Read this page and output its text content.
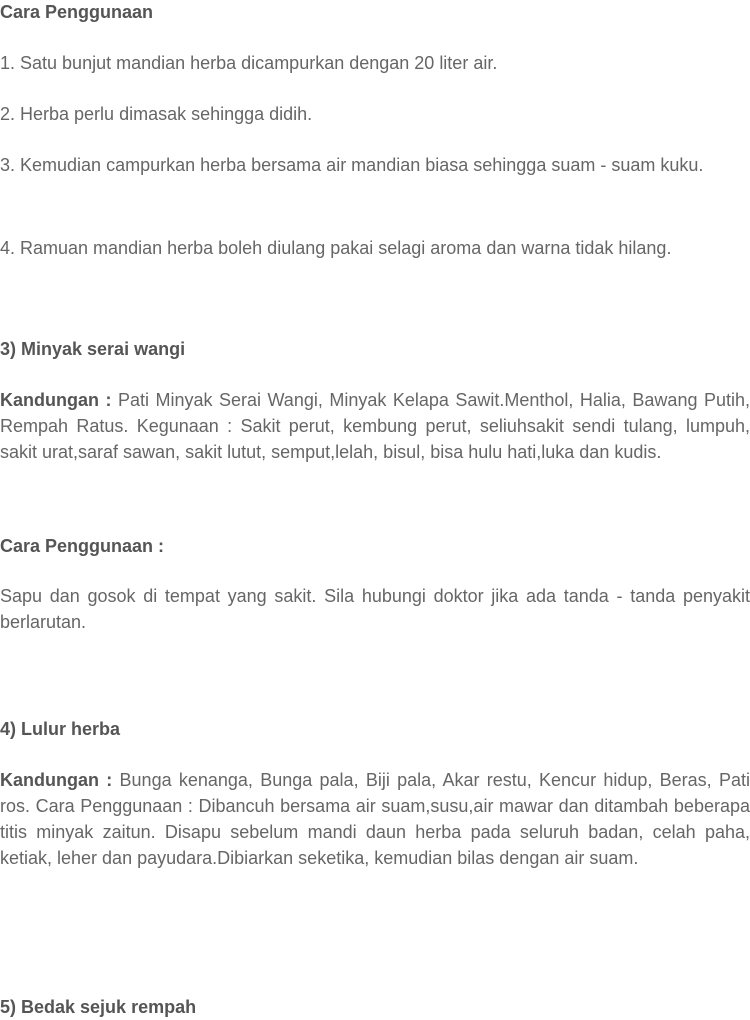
Cara Penggunaan

1. Satu bunjut mandian herba dicampurkan dengan 20 liter air.

2. Herba perlu dimasak sehingga didih.

3. Kemudian campurkan herba bersama air mandian biasa sehingga suam - suam kuku.

4. Ramuan mandian herba boleh diulang pakai selagi aroma dan warna tidak hilang.

3) Minyak serai wangi

Kandungan : Pati Minyak Serai Wangi, Minyak Kelapa Sawit.Menthol, Halia, Bawang Putih, Rempah Ratus. Kegunaan : Sakit perut, kembung perut, seliuhsakit sendi tulang, lumpuh, sakit urat,saraf sawan, sakit lutut, semput,lelah, bisul, bisa hulu hati,luka dan kudis.

Cara Penggunaan :

Sapu dan gosok di tempat yang sakit. Sila hubungi doktor jika ada tanda - tanda penyakit berlarutan.

4) Lulur herba

Kandungan : Bunga kenanga, Bunga pala, Biji pala, Akar restu, Kencur hidup, Beras, Pati ros. Cara Penggunaan : Dibancuh bersama air suam,susu,air mawar dan ditambah beberapa titis minyak zaitun. Disapu sebelum mandi daun herba pada seluruh badan, celah paha, ketiak, leher dan payudara.Dibiarkan seketika, kemudian bilas dengan air suam.

5) Bedak sejuk rempah
